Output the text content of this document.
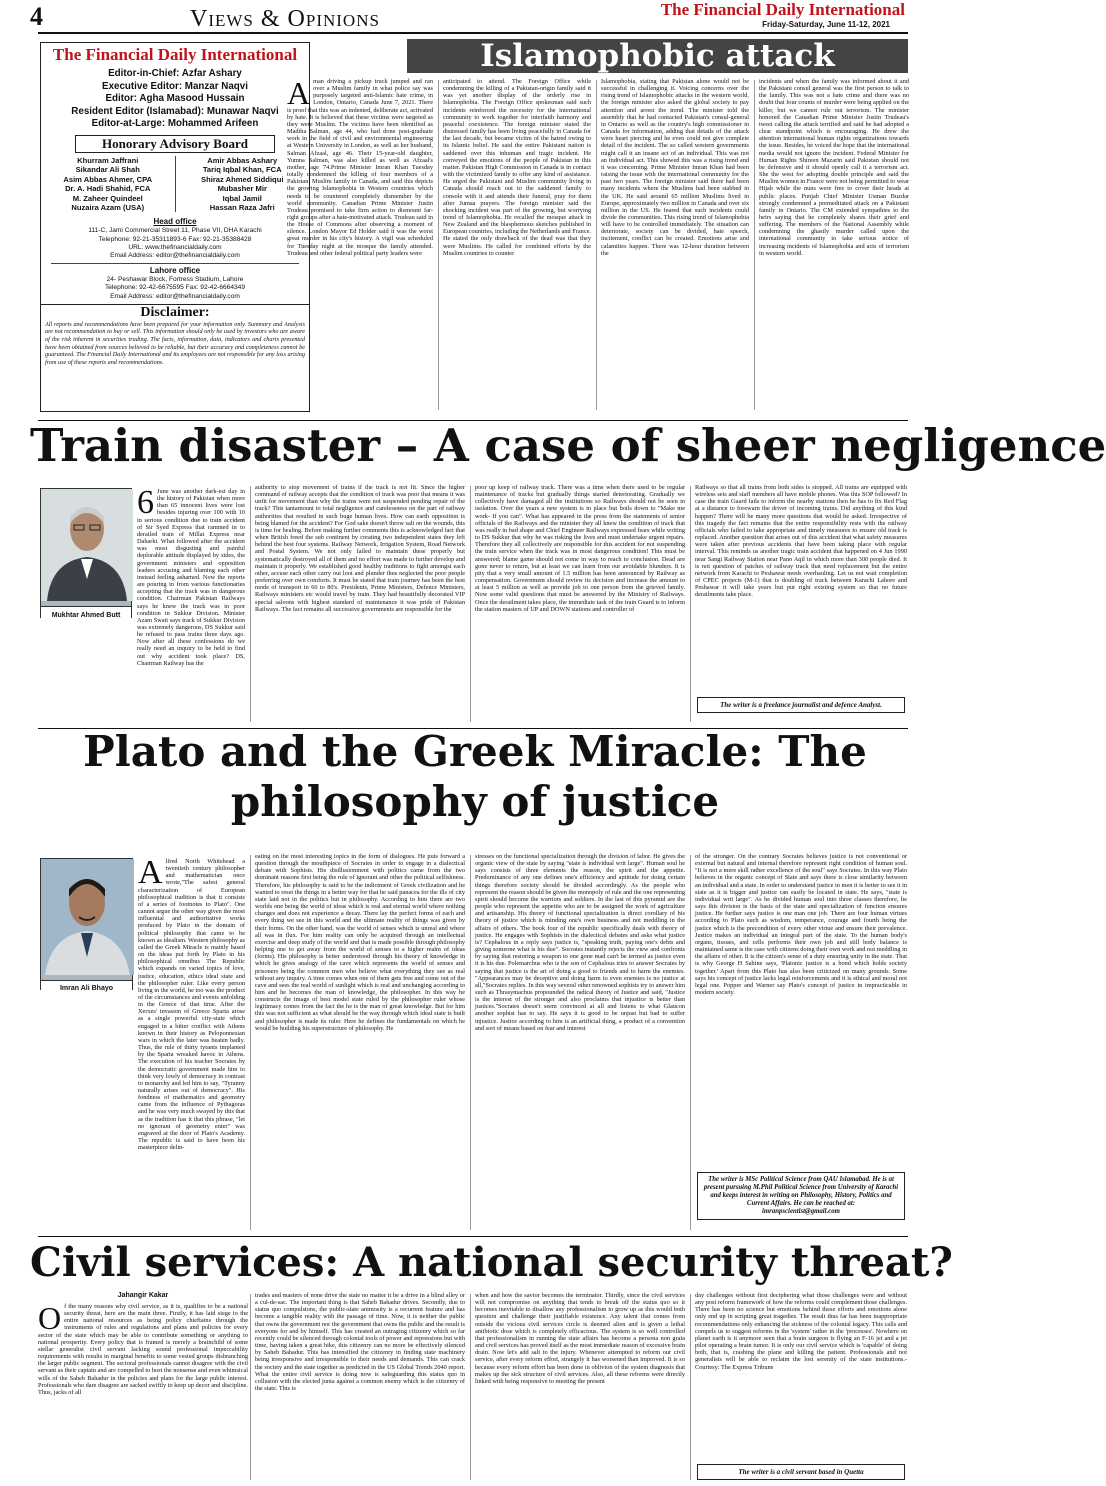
4	Views & Opinions	The Financial Daily International
Friday-Saturday, June 11-12, 2021
The Financial Daily International
Editor-in-Chief: Azfar Ashary
Executive Editor: Manzar Naqvi
Editor: Agha Masood Hussain
Resident Editor (Islamabad): Munawar Naqvi
Editor-at-Large: Mohammed Arifeen
Honorary Advisory Board
Khurram Jaffrani
Sikandar Ali Shah
Asim Abbas Ahmer, CPA
Dr. A. Hadi Shahid, FCA
M. Zaheer Quindeel
Nuzaira Azam (USA)
Amir Abbas Ashary
Tariq Iqbal Khan, FCA
Shiraz Ahmed Siddiqui
Mubasher Mir
Iqbal Jamil
Hassan Raza Jafri
Head office
111-C, Jami Commercial Street 11, Phase VII, DHA Karachi
Telephone: 92-21-35311893-6 Fax: 92-21-35388428
URL: www.thefinancialdaily.com
Email Address: editor@thefinancialdaily.com
Lahore office
24- Peshawar Block, Fortress Stadium, Lahore
Telephone: 92-42-6675595 Fax: 92-42-6664349
Email Address: editor@thefinancialdaily.com
Disclaimer:
All reports and recommendations have been prepared for your information only. Summary and Analysis are not recommendation to buy or sell. This information should only be used by investors who are aware of the risk inherent in securities trading. The facts, information, data, indicators and charts presented have been obtained from sources believed to be reliable, but their accuracy and completeness cannot be guaranteed. The Financial Daily International and its employees are not responsible for any loss arising from use of these reports and recommendations.
Islamophobic attack
Aman driving a pickup truck jumped and ran over a Muslim family in what police say was purposely targeted anti-Islamic hate crime, in London, Ontario, Canada June 7, 2021. There is proof that this was an indented, deliberate act, activated by hate. It is believed that these victims were targeted as they were Muslim. The victims have been identified as Madiha Salman, age 44, who had done post-graduate work in the field of civil and environmental engineering at Western University in London, as well as her husband, Salman Afzaal, age 46. Their 15-year-old daughter, Yumna Salman, was also killed as well as Afzaal's mother, age 74.Prime Minister Imran Khan Tuesday totally condemned the killing of four members of a Pakistani Muslim family in Canada, and said this depicts the growing Islamophobia in Western countries which needs to be countered completely dismember by the world community. Canadian Prime Minister Justin Trudeau promised to take firm action to dismount far-right groups after a hate-motivated attack. Trudeau said in the House of Commons after observing a moment of silence. London Mayor Ed Holder said it was the worst great murder in his city's history. A vigil was scheduled for Tuesday night at the mosque the family attended. Trudeau and other federal political party leaders were
anticipated to attend. The Foreign Office while condemning the killing of a Pakistan-origin family said it was yet another display of the orderly rise in Islamophobia. The Foreign Office spokesman said such incidents reinforced the necessity for the international community to work together for interfaith harmony and peaceful coexistence. The foreign minister stated the distressed family has been living peacefully in Canada for the last decade, but became victim of the hatred owing to its Islamic belief. He said the entire Pakistani nation is saddened over this inhuman and tragic incident. He conveyed the emotions of the people of Pakistan in this matter. Pakistan High Commission in Canada is in contact with the victimized family to offer any kind of assistance. He urged the Pakistani and Muslim community living in Canada should reach out to the saddened family to console with it and attends their funeral, pray for them after Jumaa prayers. The foreign minister said the shocking incident was part of the growing, but worrying trend of Islamophobia. He recalled the mosque attack in New Zealand and the blasphemous sketches published in European countries, including the Netherlands and France. He stated the only drawback of the dead was that they were Muslims. He called for combined efforts by the Muslim countries to counter
Islamophobia, stating that Pakistan alone would not be successful in challenging it. Voicing concerns over the rising trend of Islamophobic attacks in the western world, the foreign minister also asked the global society to pay attention and arrest the trend. The minister told the assembly that he had contacted Pakistan's consul-general in Ontario as well as the country's high commissioner in Canada for information, adding that details of the attack were heart piercing and he even could not give complete detail of the incident. The so called western governments might call it an insane act of an individual. This was not an individual act. This showed this was a rising trend and it was concerning. Prime Minister Imran Khan had been raising the issue with the international community for the past two years. The foreign minister said there had been many incidents where the Muslims had been stabbed in the UK. He said around 65 million Muslims lived in Europe, approximately two million in Canada and over six million in the US. He feared that such incidents could divide the communities. This rising trend of Islamophobia will have to be controlled immediately. The situation can deteriorate, society can be divided, hate speech, incitement, conflict can be created. Emotions arise and calamities happen. There was 12-hour duration between the
incidents and when the family was informed about it and the Pakistani consul general was the first person to talk to the family. This was not a hate crime and there was no doubt that four counts of murder were being applied on the killer, but we cannot rule out terrorism. The minister honored the Canadian Prime Minister Justin Trudeau's tweet calling the attack terrified and said he had adopted a clear standpoint which is encouraging. He drew the attention international human rights organizations towards the issue. Besides, he voiced the hope that the international media would not ignore the incident. Federal Minister for Human Rights Shireen Mazarin said Pakistan should not be defensive and it should openly call it a terrorism act. She the west for adopting double principle and said the Muslim women in France were not being permitted to wear Hijab while the nuns were free to cover their heads at public places. Punjab Chief Minister Usman Buzdar strongly condemned a premeditated attack on a Pakistani family in Ontario. The CM extended sympathies to the heirs saying that he completely shares their grief and suffering. The members of the National Assembly while condemning the ghastly murder called upon the international community to take serious notice of increasing incidents of Islamophobia and acts of terrorism in western world.
Train disaster – A case of sheer negligence
Mukhtar Ahmed Butt
6 June was another dark-est day in the history of Pakistan when more than 65 innocent lives were lost besides injuring over 100 with 10 in serious condition due to train accident of Sir Syed Express that rammed in to derailed train of Millat Express near Daharki. What followed after the accident was most disgusting and painful deplorable attitude displayed by sides, the government ministers and opposition leaders accusing and blaming each other instead feeling ashamed. Now the reports are pouring in from various functionaries accepting that the track was in dangerous condition. Chairman Pakistan Railways says he knew the track was in poor condition in Sukkur Division. Minister Azam Swati says track of Sukkur Division was extremely dangerous, DS Sukkur said he refused to pass trains three days ago. Now after all these confessions do we really need an inquiry to be held to find out why accident took place? DS, Chairman Railway has the
authority to stop movement of trains if the track is not fit. Since the higher command of railway accepts that the condition of track was poor that means it was unfit for movement than why the trains were not suspended pending repair of the track? This tantamount to total negligence and carelessness on the part of railway authorities that resulted in such huge human lives. How can earth opposition is being blamed for the accident? For God sake doesn't throw salt on the wounds, this is time for healing. Before making further comments this is acknowledged fact that when British freed the sub continent by creating two independent states they left behind the best four systems. Railway Network, Irrigation System, Road Network and Postal System. We not only failed to maintain these properly but systematically destroyed all of them and no effort was made to further develop and maintain it properly. We established good healthy traditions to fight amongst each other, accuse each other carry out loot and plunder thus neglected the poor people preferring over own comforts. It must be stated that train journey has been the best mode of transport in 60 to 80's. Presidents, Prime Ministers, Defence Ministers, Railways ministers etc would travel by train. They had beautifully decorated VIP special saloons with highest standard of maintenance it was pride of Pakistan Railways. The fact remains all successive governments are responsible for the
poor up keep of railway track. There was a time when there used to be regular maintenance of tracks but gradually things started deteriorating. Gradually we collectively have damaged all the institutions so Railways should not be seen in isolation. Over the years a new system is in place but boils down to "Make me work- If you can". What has appeared in the press from the statements of senior officials of the Railways and the minister they all knew the condition of track that was really in bad shape and Chief Engineer Railways expressed fears while writing to DS Sukkur that why he was risking the lives and must undertake urgent repairs. Therefore they all collectively are responsible for this accident for not suspending the train service when the track was in most dangerous condition! This must be answered; blame game should not come in way to reach to conclusion. Dead are gone never to return, but at least we can learn from our avoidable blunders. It is pity that a very small amount of 1.5 million has been announced by Railway as compensation. Government should review its decision and increase the amount to at least 5 million as well as provide job to one person from the grieved family. Now some valid questions that must be answered by the Ministry of Railways. Once the derailment takes place, the immediate task of the train Guard is to inform the station masters of UP and DOWN stations and controller of
Railways so that all trains from both sides is stopped. All trains are equipped with wireless sets and staff members all have mobile phones. Was this SOP followed? In case the train Guard fails to inform the nearby stations then he has to fix Red Flag at a distance to forewarn the driver of incoming trains. Did anything of this kind happen? There will be many more questions that would be asked. Irrespective of this tragedy the fact remains that the entire responsibility rests with the railway officials who failed to take appropriate and timely measures to ensure old track is replaced. Another question that arises out of this accident that what safety measures were taken after previous accidents that have been taking place with regular interval. This reminds us another tragic train accident that happened on 4 Jun 1990 near Sangi Railway Station near Pano Aqil in which more than 300 people died. It is not question of patches of railway track that need replacement but the entire network from Karachi to Peshawar needs overhauling. Let us not wait completion of CPEC projects (M-1) that is doubling of track between Karachi Lahore and Peshawar it will take years but put right existing system so that no future derailments take place.
The writer is a freelance journalist and defence Analyst.
Plato and the Greek Miracle: The
philosophy of justice
Imran Ali Bhayo
Alfred North Whitehead a twentieth century philosopher and mathematician once wrote,"The safest general characterization of European philosophical tradition is that it consists of a series of footnotes to Plato". One cannot argue the other way given the most influential and authoritative works produced by Plato in the domain of political philosophy that came to be known as idealism. Western philosophy as called the Greek Miracle is mainly based on the ideas put forth by Plato in his philosophical omnibus The Republic which expands on varied topics of love, justice, education, ethics ideal state and the philosopher ruler. Like every person living in the world, he too was the product of the circumstances and events unfolding in the Greece of that time. After the Xerxes' invasion of Greece Sparta arose as a single powerful city-state which engaged in a bitter conflict with Athens known in their history as Peloponnesian wars in which the later was beaten badly. Thus, the rule of thirty tyrants implanted by the Sparta wreaked havoc in Athens. The execution of his teacher Socrates by the democratic government made him to think very lowly of democracy in contrast to monarchy and led him to say, "Tyranny naturally arises out of democracy". His fondness of mathematics and geometry came from the influence of Pythagoras and he was very much swayed by this that as the tradition has it that this phrase, "let no ignorant of geometry enter" was engraved at the door of Plato's Academy. The republic is said to have been his masterpiece delin-
eating on the most interesting topics in the form of dialogues. He puts forward a question through the mouthpiece of Socrates in order to engage in a dialectical debate with Sophists. His disillusionment with politics came from the two dominant reasons first being the rule of ignorant and other the political selfishness. Therefore, his philosophy is said to be the indictment of Greek civilization and he wanted to reset the things in a better way for that he said panacea for the ills of city state laid not in the politics but in philosophy. According to him there are two worlds one being the world of ideas which is real and eternal world where nothing changes and does not experience a decay. There lay the perfect forms of each and every thing we see in this world and the ultimate reality of things was given by their forms. On the other hand, was the world of senses which is unreal and where all was in flux. For him reality can only be acquired through an intellectual exercise and deep study of the world and that is made possible through philosophy helping one to get away from the world of senses to a higher realm of ideas (forms). His philosophy is better understood through his theory of knowledge in which he gives analogy of the cave which represents the world of senses and prisoners being the common men who believe what everything they see as real without any inquiry. A time comes when one of them gets free and come out of the cave and sees the real world of sunlight which is real and unchanging according to him and he becomes the man of knowledge, the philosopher. In this way he constructs the image of best model state ruled by the philosopher ruler whose legitimacy comes from the fact the he is the man of great knowledge. But for him this was not sufficient as what should be the way through which ideal state is built and philosopher is made its ruler. Here he defines the fundamentals on which he would be building his superstructure of philosophy. He
stresses on the functional specialization through the division of labor. He gives the organic view of the state by saying "state is individual writ large". Human soul he says consists of three elements the reason, the spirit and the appetite. Predominance of any one defines one's efficiency and aptitude for doing certain things therefore society should be divided accordingly. As the people who represent the reason should be given the monopoly of rule and the one representing spirit should become the warriors and soldiers. In the last of this pyramid are the people who represent the appetite who are to be assigned the work of agriculture and artisanship. His theory of functional specialization is direct corollary of his theory of justice which is minding one's own business and not meddling in the affairs of others. The book four of the republic specifically deals with theory of justice. He engages with Sophists in the dialectical debates and asks what justice is? Cephalous in a reply says justice is, "speaking truth, paying one's debts and giving someone what is his due". Socrates instantly rejects the view and confronts by saying that restoring a weapon to one gone mad can't be termed as justice even it is his due. Polemarchus who is the son of Cephalous tries to answer Socrates by saying that justice is the art of doing a good to friends and to harm the enemies. "Appearances may be deceptive and doing harm to even enemies is no justice at all,"Socrates replies. In this way several other renowned sophists try to answer him such as Thrasymachus propounded the radical theory of Justice and said, "Justice is the interest of the stronger and also proclaims that injustice is better than justices."Socrates doesn't seem convinced at all and listens to what Glaucon another sophist has to say. He says it is good to be unjust but bad to suffer injustice. Justice according to him is an artificial thing, a product of a convention and sort of means based on fear and interest
of the stronger. On the contrary Socrates believes justice is not conventional or external but natural and internal therefore represent right condition of human soul. "It is not a mere skill rather excellence of the soul" says Socrates. In this way Plato believes in the organic concept of State and says there is close similarity between an individual and a state. In order to understand justice in men it is better to see it in state as it is bigger and justice can easily be located in state. He says, "state is individual writ large". As he divided human soul into three classes therefore, he says this division is the basis of the state and specialization of function ensures justice. He further says justice is one man one job. There are four human virtues according to Plato such as wisdom, temperance, courage and fourth being the justice which is the precondition of every other virtue and ensure their prevalence. Justice makes an individual an integral part of the state. To the human body's organs, tissues, and cells performs their own job and still body balance is maintained same is the case with citizens doing their own work and not meddling in the affairs of other. It is the citizen's sense of a duty ensuring unity in the state. That is why George H Sabine says, 'Platonic justice is a bond which holds society together.' Apart from this Plato has also been criticized on many grounds. Some says his concept of justice lacks legal reinforcements and it is ethical and moral not legal one. Popper and Warner say Plato's concept of justice in impracticable in modern society.
The writer is MSc Political Science from QAU Islamabad. He is at present pursuing M.Phil Political Science from University of Karachi and keeps interest in writing on Philosophy, History, Politics and Current Affairs. He can be reached at:
imranpscientist@gmail.com
Civil services: A national security threat?
Jahangir Kakar
Of the many reasons why civil service, as it is, qualifies to be a national security threat, here are the main three. Firstly, it has laid siege to the entire national resources as being policy chieftains through the instruments of rules and regulations and plans and policies for every sector of the state which may be able to contribute something or anything to national prosperity. Every policy that is framed is merely a brainchild of some stellar generalist civil servant lacking sound professional impeccability requirements with results in marginal benefits to some vested groups disbranching the larger public segment. The sectoral professionals cannot disagree with the civil servant as their captain and are compelled to host the nonsense and even whimsical wills of the Saheb Bahadur in the policies and plans for the large public interest. Professionals who dare disagree are sacked swiftly to keep up decor and discipline. Thus, jacks of all
trades and masters of none drive the state no matter it be a drive in a blind alley or a cul-de-sac. The important thing is that Saheb Bahadur drives. Secondly, due to status quo compulsions, the public-state animosity is a recurrent feature and has become a tangible reality with the passage of time. Now, it is neither the public that owns the government nor the government that owns the public and the result is everyone for and by himself. This has created an outraging citizenry which so far recently could be silenced through colonial tools of power and repressions but with time, having taken a great hike, this citizenry can no more be effectively silenced by Saheb Bahadur. This has intensified the citizenry in finding state machinery being irresponsive and irresponsible to their needs and demands. This can crack the society and the state together as predicted in the US Global Trends 2040 report. What the entire civil service is doing now is safeguarding this status quo in collusion with the elected junta against a common enemy which is the citizenry of the state. This is
when and how the savior becomes the terminator. Thirdly, since the civil services will not compromise on anything that tends to break off the status quo so it becomes inevitable to disallow any professionalism to grow up as this would both question and challenge their justifiable existence. Any talent that comes from outside the vicious civil services circle is deemed alien and is given a lethal antibiotic dose which is completely efficacious. The system is so well controlled that professionalism in running the state affairs has become a persona non grata and civil services has proved itself as the most immediate reason of excessive brain drain. Now let's add salt to the injury. Whenever attempted to reform our civil service, after every reform effort, strangely it has worsened than improved. It is so because every reform effort has been done in oblivion of the system diagnosis that makes up the sick structure of civil services. Also, all these reforms were directly linked with being responsive to meeting the present
day challenges without first deciphering what those challenges were and without any post reform framework of how the reforms could complement those challenges. There has been no science but emotions behind these efforts and emotions alone only end up in scripting great tragedies. The result thus far has been inappropriate recommendations only enhancing the sickness of the colonial legacy. This calls and compels us to suggest reforms in the 'system' rather in the 'processes'. Nowhere on planet earth is it anymore seen that a brain surgeon is flying an F-16 jet and a jet pilot operating a brain tumor. It is only our civil service which is 'capable' of doing both, that is, crashing the plane and killing the patient. Professionals and not generalists will be able to reclaim the lost serenity of the state institutions.- Courtesy: The Express Tribune
The writer is a civil servant based in Quetta
